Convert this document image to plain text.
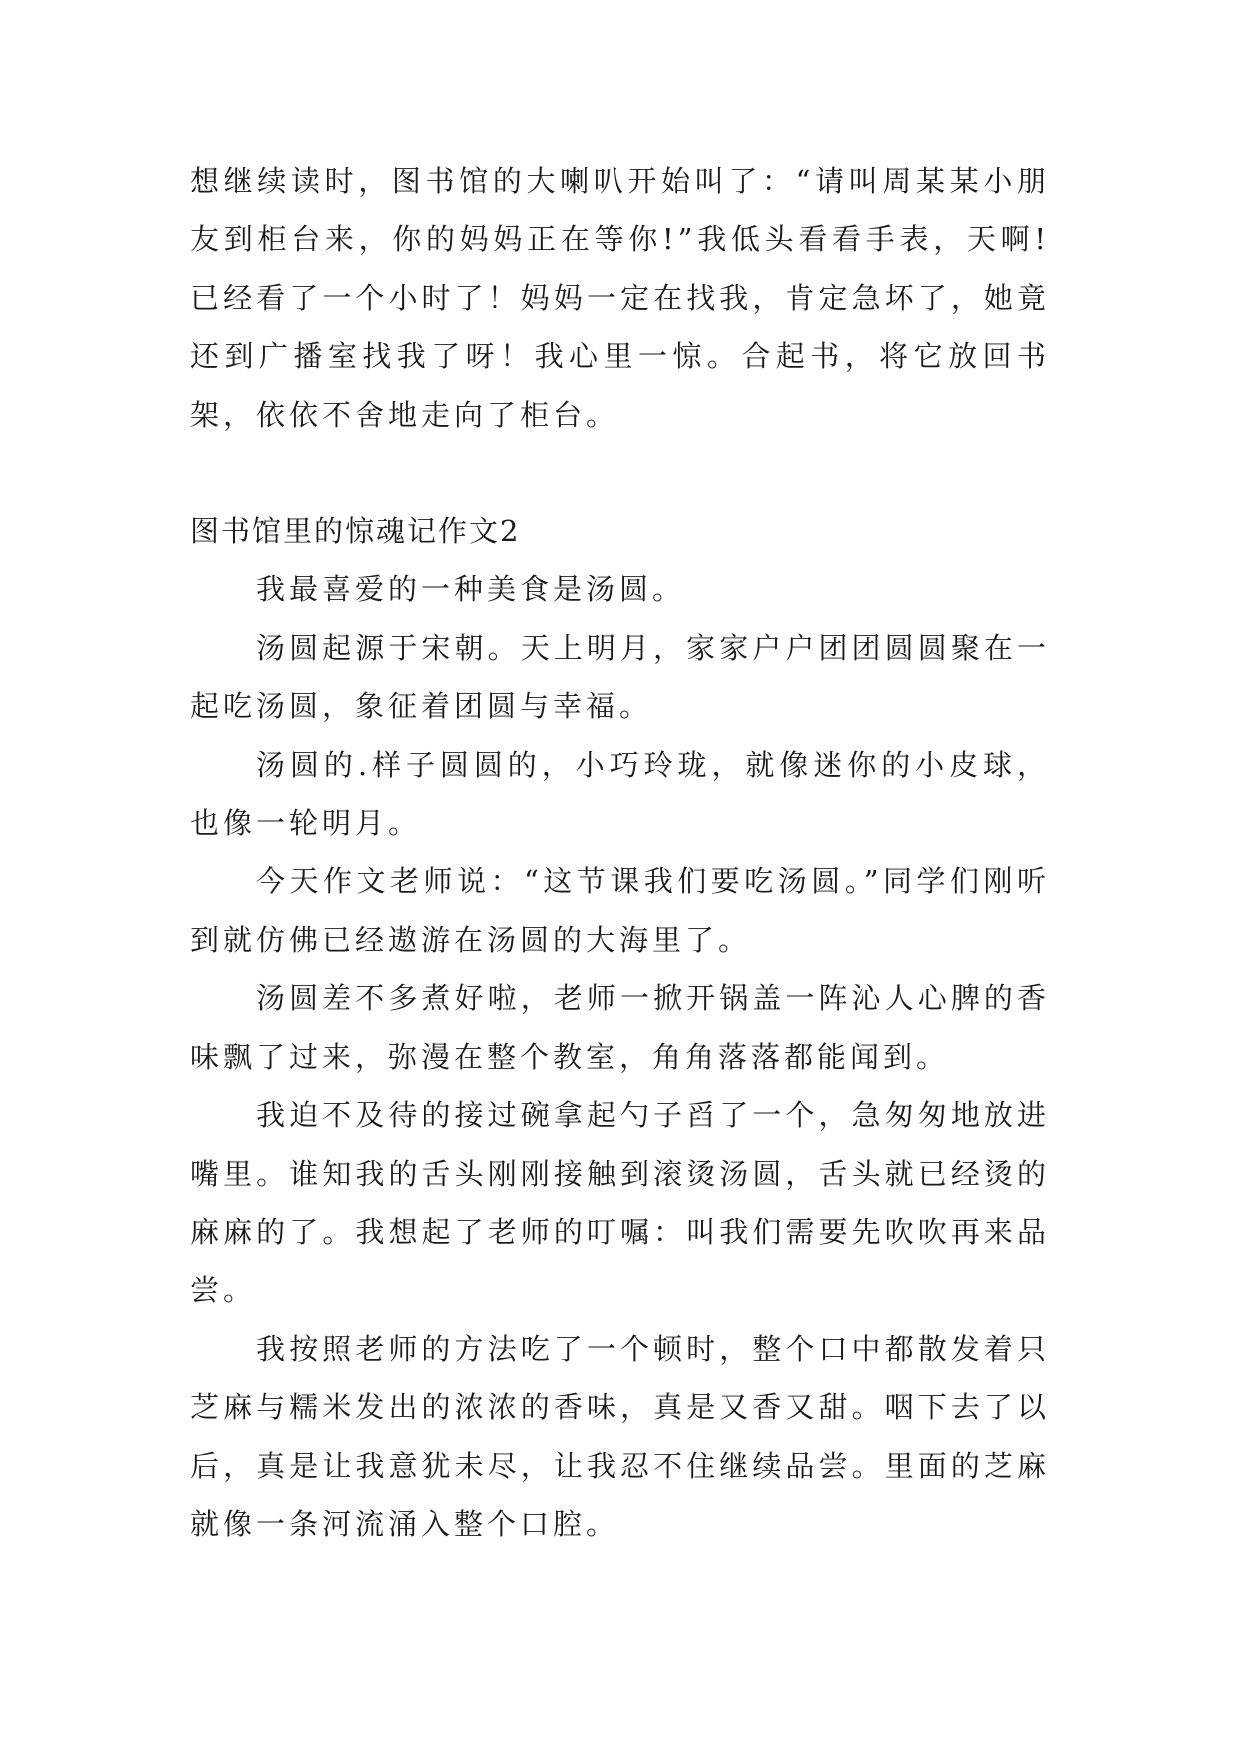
想继续读时，图书馆的大喇叭开始叫了：“请叫周某某小朋友到柜台来，你的妈妈正在等你!”我低头看看手表，天啊!已经看了一个小时了！妈妈一定在找我，肯定急坏了，她竟还到广播室找我了呀！我心里一惊。合起书，将它放回书架，依依不舍地走向了柜台。

图书馆里的惊魂记作文2

我最喜爱的一种美食是汤圆。

汤圆起源于宋朝。天上明月，家家户户团团圆圆聚在一起吃汤圆，象征着团圆与幸福。

汤圆的.样子圆圆的，小巧玲珑，就像迷你的小皮球，也像一轮明月。

今天作文老师说：“这节课我们要吃汤圆。”同学们刚听到就仿佛已经遨游在汤圆的大海里了。

汤圆差不多煮好啦，老师一掀开锅盖一阵沁人心脾的香味飘了过来，弥漫在整个教室，角角落落都能闻到。

我迫不及待的接过碗拿起勺子舀了一个，急匆匆地放进嘴里。谁知我的舌头刚刚接触到滚烫汤圆，舌头就已经烫的麻麻的了。我想起了老师的叮嘱：叫我们需要先吹吹再来品尝。

我按照老师的方法吃了一个顿时，整个口中都散发着只芝麻与糯米发出的浓浓的香味，真是又香又甜。咽下去了以后，真是让我意犹未尽，让我忍不住继续品尝。里面的芝麻就像一条河流涌入整个口腔。
